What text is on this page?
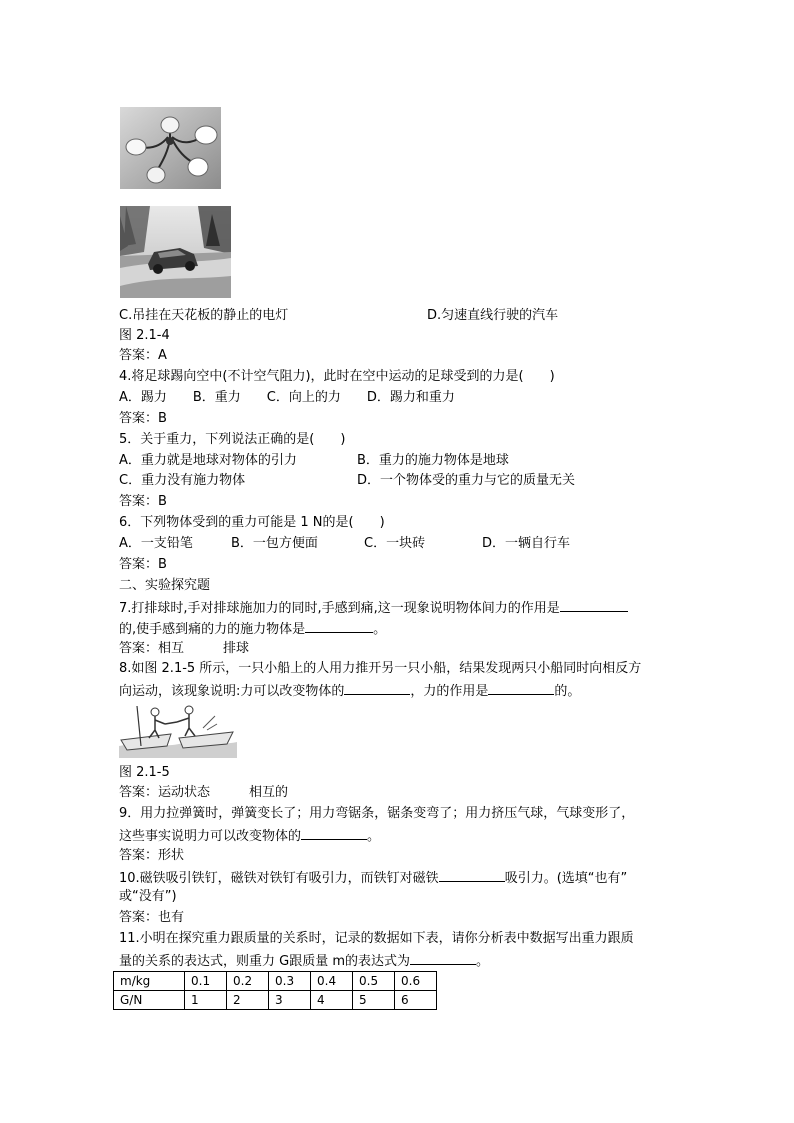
C.吊挂在天花板的静止的电灯	D.匀速直线行驶的汽车
图 2.1-4
答案：A
4.将足球踢向空中(不计空气阻力)，此时在空中运动的足球受到的力是(　　)
A．踢力　　B．重力　　C．向上的力　　D．踢力和重力
答案：B
5．关于重力，下列说法正确的是(　　)
A．重力就是地球对物体的引力	B．重力的施力物体是地球
C．重力没有施力物体	D．一个物体受的重力与它的质量无关
答案：B
6．下列物体受到的重力可能是 1 N的是(　　)
A．一支铅笔	B．一包方便面	C．一块砖	D．一辆自行车
答案：B
二、实验探究题
7.打排球时,手对排球施加力的同时,手感到痛,这一现象说明物体间力的作用是
的,使手感到痛的力的施力物体是	。
答案：相互　　　排球
8.如图 2.1-5 所示，一只小船上的人用力推开另一只小船，结果发现两只小船同时向相反方
向运动，该现象说明:力可以改变物体的	，力的作用是	的。
图 2.1-5
答案：运动状态　　　相互的
9．用力拉弹簧时，弹簧变长了；用力弯锯条，锯条变弯了；用力挤压气球，气球变形了，
这些事实说明力可以改变物体的	。
答案：形状
10.磁铁吸引铁钉，磁铁对铁钉有吸引力，而铁钉对磁铁	吸引力。(选填“也有”
或“没有”)
答案：也有
11.小明在探究重力跟质量的关系时，记录的数据如下表，请你分析表中数据写出重力跟质
量的关系的表达式，则重力 G跟质量 m的表达式为	。
m/kg	0.1	0.2	0.3	0.4	0.5	0.6
G/N	1	2	3	4	5	6
